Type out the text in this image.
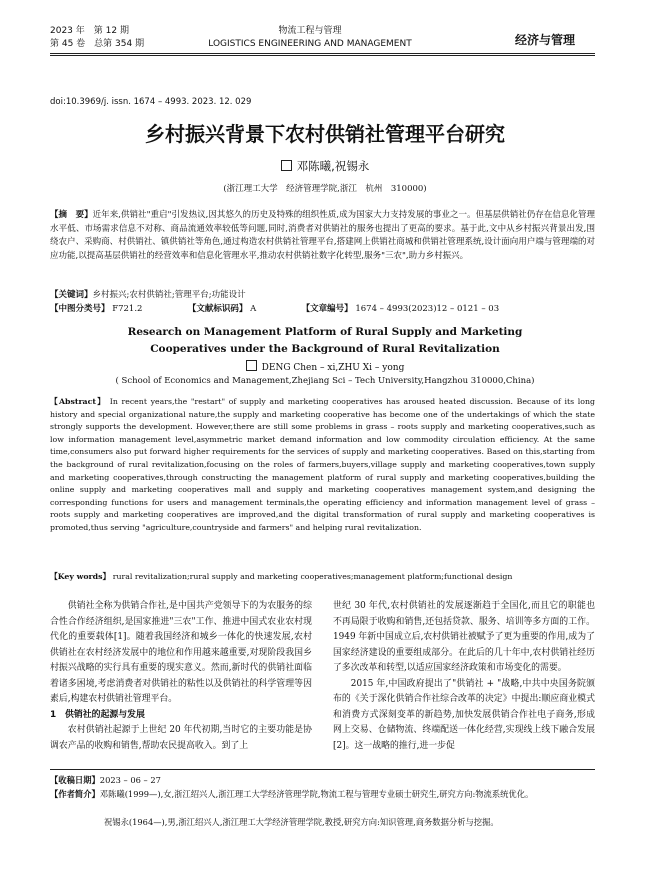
2023 年　第 12 期
第 45 卷　总第 354 期
物流工程与管理
LOGISTICS ENGINEERING AND MANAGEMENT	经济与管理
doi:10.3969/j. issn. 1674 – 4993. 2023. 12. 029
乡村振兴背景下农村供销社管理平台研究
邓陈曦,祝锡永
(浙江理工大学　经济管理学院,浙江　杭州　310000)
【摘　要】近年来,供销社"重启"引发热议,因其悠久的历史及特殊的组织性质,成为国家大力支持发展的事业之一。但基层供销社仍存在信息化管理水平低、市场需求信息不对称、商品流通效率较低等问题,同时,消费者对供销社的服务也提出了更高的要求。基于此,文中从乡村振兴背景出发,围绕农户、采购商、村供销社、镇供销社等角色,通过构造农村供销社管理平台,搭建网上供销社商城和供销社管理系统,设计面向用户端与管理端的对应功能,以提高基层供销社的经营效率和信息化管理水平,推动农村供销社数字化转型,服务"三农",助力乡村振兴。
【关键词】乡村振兴;农村供销社;管理平台;功能设计
【中图分类号】 F721.2	【文献标识码】 A	【文章编号】 1674 – 4993(2023)12 – 0121 – 03
Research on Management Platform of Rural Supply and Marketing
Cooperatives under the Background of Rural Revitalization
DENG Chen – xi,ZHU Xi – yong
( School of Economics and Management,Zhejiang Sci – Tech University,Hangzhou 310000,China)
【Abstract】 In recent years,the "restart" of supply and marketing cooperatives has aroused heated discussion. Because of its long history and special organizational nature,the supply and marketing cooperative has become one of the undertakings of which the state strongly supports the development. However,there are still some problems in grass – roots supply and marketing cooperatives,such as low information management level,asymmetric market demand information and low commodity circulation efficiency. At the same time,consumers also put forward higher requirements for the services of supply and marketing cooperatives. Based on this,starting from the background of rural revitalization,focusing on the roles of farmers,buyers,village supply and marketing cooperatives,town supply and marketing cooperatives,through constructing the management platform of rural supply and marketing cooperatives,building the online supply and marketing cooperatives mall and supply and marketing cooperatives management system,and designing the corresponding functions for users and management terminals,the operating efficiency and information management level of grass – roots supply and marketing cooperatives are improved,and the digital transformation of rural supply and marketing cooperatives is promoted,thus serving "agriculture,countryside and farmers" and helping rural revitalization.
【Key words】 rural revitalization;rural supply and marketing cooperatives;management platform;functional design

供销社全称为供销合作社,是中国共产党领导下的为农服务的综合性合作经济组织,是国家推进"三农"工作、推进中国式农业农村现代化的重要载体[1]。随着我国经济和城乡一体化的快速发展,农村供销社在农村经济发展中的地位和作用越来越重要,对现阶段我国乡村振兴战略的实行具有重要的现实意义。然而,新时代的供销社面临着诸多困境,考虑消费者对供销社的粘性以及供销社的科学管理等因素后,构建农村供销社管理平台。

1　供销社的起源与发展

农村供销社起源于上世纪 20 年代初期,当时它的主要功能是协调农产品的收购和销售,帮助农民提高收入。到了上

世纪 30 年代,农村供销社的发展逐渐趋于全国化,而且它的职能也不再局限于收购和销售,还包括贷款、服务、培训等多方面的工作。1949 年新中国成立后,农村供销社被赋予了更为重要的作用,成为了国家经济建设的重要组成部分。在此后的几十年中,农村供销社经历了多次改革和转型,以适应国家经济政策和市场变化的需要。

2015 年,中国政府提出了"供销社 + "战略,中共中央国务院颁布的《关于深化供销合作社综合改革的决定》中提出:顺应商业模式和消费方式深刻变革的新趋势,加快发展供销合作社电子商务,形成网上交易、仓储物流、终端配送一体化经营,实现线上线下融合发展[2]。这一战略的推行,进一步促

【收稿日期】2023 – 06 – 27
【作者简介】邓陈曦(1999—),女,浙江绍兴人,浙江理工大学经济管理学院,物流工程与管理专业硕士研究生,研究方向:物流系统优化。
祝锡永(1964—),男,浙江绍兴人,浙江理工大学经济管理学院,教授,研究方向:知识管理,商务数据分析与挖掘。
